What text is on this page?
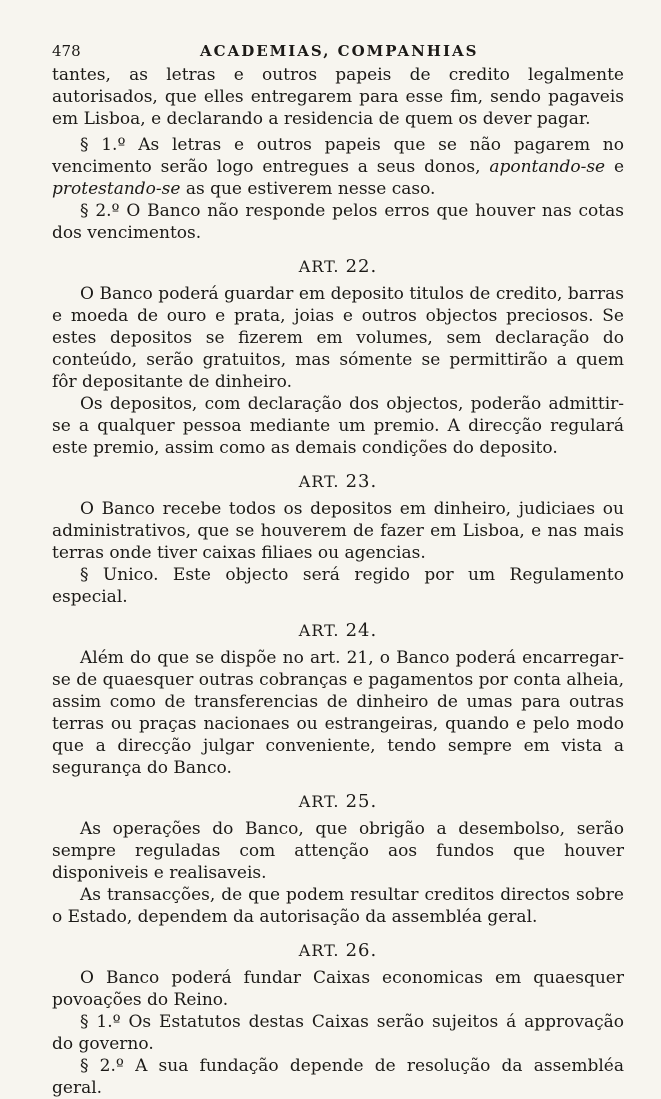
478	ACADEMIAS, COMPANHIAS

tantes, as letras e outros papeis de credito legalmente autorisados, que elles entregarem para esse fim, sendo pagaveis em Lisboa, e declarando a residencia de quem os dever pagar.

§ 1.º As letras e outros papeis que se não pagarem no vencimento serão logo entregues a seus donos, apontando-se e protestando-se as que estiverem nesse caso.

§ 2.º O Banco não responde pelos erros que houver nas cotas dos vencimentos.

ART. 22.

O Banco poderá guardar em deposito titulos de credito, barras e moeda de ouro e prata, joias e outros objectos preciosos. Se estes depositos se fizerem em volumes, sem declaração do conteúdo, serão gratuitos, mas sómente se permittirão a quem fôr depositante de dinheiro.

Os depositos, com declaração dos objectos, poderão admittir-se a qualquer pessoa mediante um premio. A direcção regulará este premio, assim como as demais condições do deposito.

ART. 23.

O Banco recebe todos os depositos em dinheiro, judiciaes ou administrativos, que se houverem de fazer em Lisboa, e nas mais terras onde tiver caixas filiaes ou agencias.

§ Unico. Este objecto será regido por um Regulamento especial.

ART. 24.

Além do que se dispõe no art. 21, o Banco poderá encarregar-se de quaesquer outras cobranças e pagamentos por conta alheia, assim como de transferencias de dinheiro de umas para outras terras ou praças nacionaes ou estrangeiras, quando e pelo modo que a direcção julgar conveniente, tendo sempre em vista a segurança do Banco.

ART. 25.

As operações do Banco, que obrigão a desembolso, serão sempre reguladas com attenção aos fundos que houver disponiveis e realisaveis.

As transacções, de que podem resultar creditos directos sobre o Estado, dependem da autorisação da assembléa geral.

ART. 26.

O Banco poderá fundar Caixas economicas em quaesquer povoações do Reino.

§ 1.º Os Estatutos destas Caixas serão sujeitos á approvação do governo.

§ 2.º A sua fundação depende de resolução da assembléa geral.
